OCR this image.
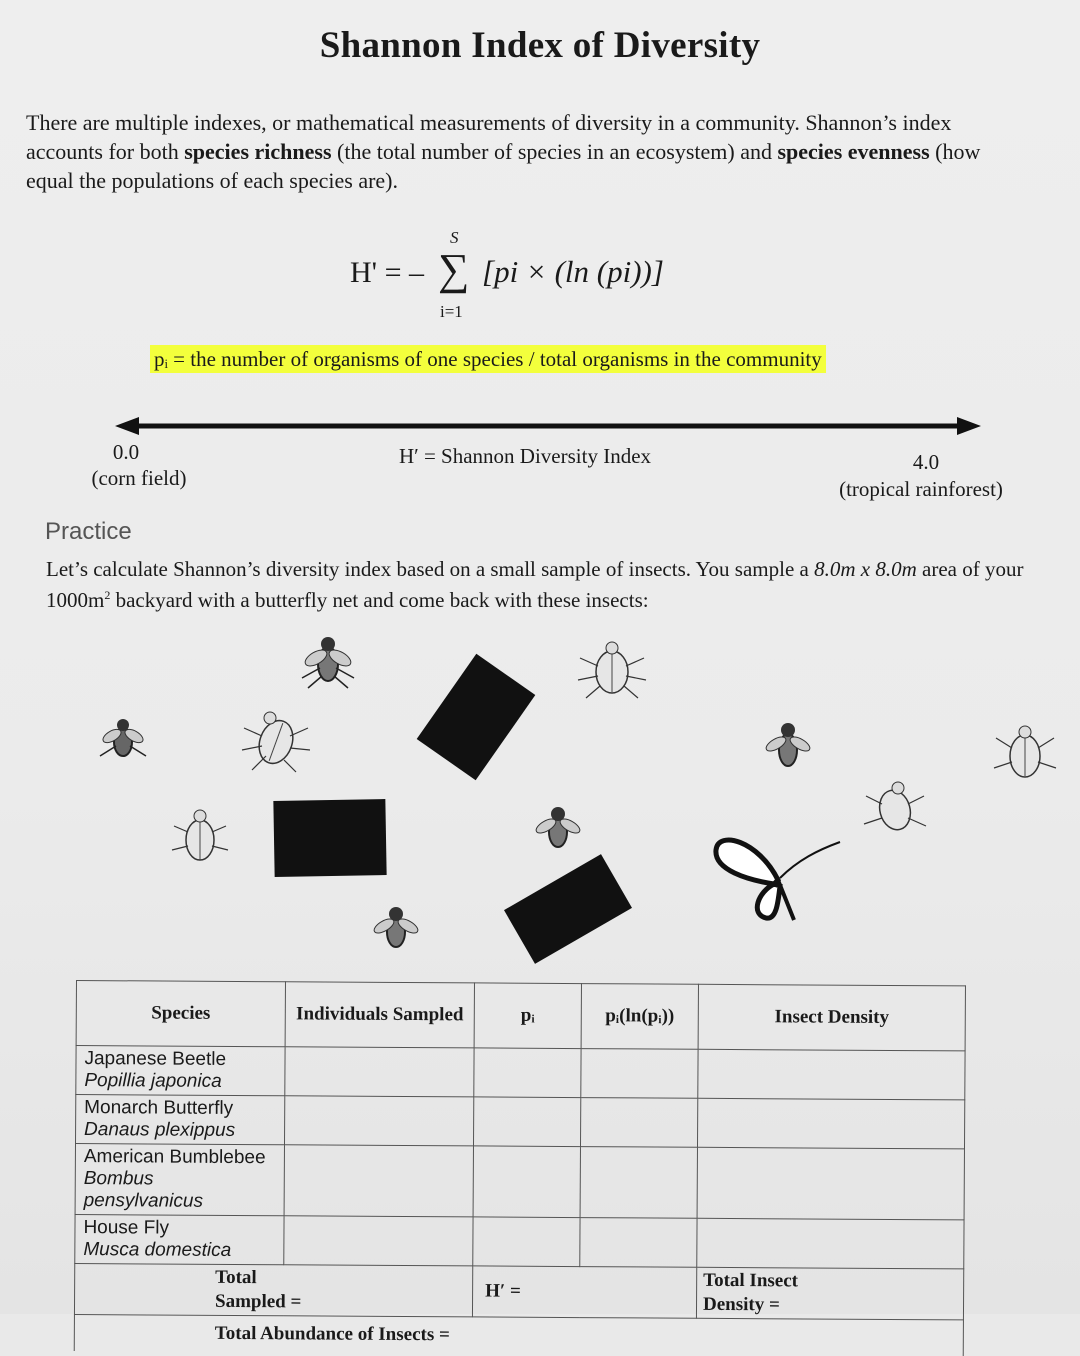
Shannon Index of Diversity
There are multiple indexes, or mathematical measurements of diversity in a community. Shannon’s index accounts for both species richness (the total number of species in an ecosystem) and species evenness (how equal the populations of each species are).
H' = –
S
∑
i=1
[pi × (ln (pi))]
pᵢ = the number of organisms of one species / total organisms in the community
0.0
(corn field)
H′ = Shannon Diversity Index	4.0
(tropical rainforest)
Practice
Let’s calculate Shannon’s diversity index based on a small sample of insects. You sample a 8.0m x 8.0m area of your $1000m^2$ backyard with a butterfly net and come back with these insects:
Species	Individuals Sampled	pᵢ	pᵢ(ln(pᵢ))	Insect Density
Japanese Beetle
Popillia japonica				

Monarch Butterfly
Danaus plexippus				

American Bumblebee
Bombus pensylvanicus				

House Fly
Musca domestica				

Total Sampled =		H′ =		Total Insect Density =
Total Abundance of Insects =				
